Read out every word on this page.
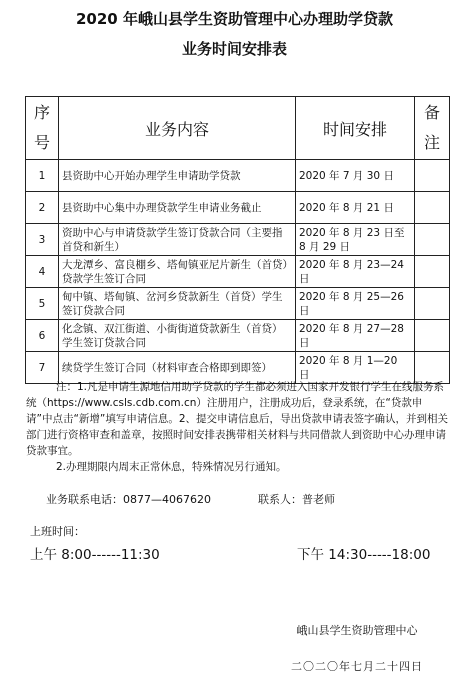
2020 年峨山县学生资助管理中心办理助学贷款
业务时间安排表
序号	业务内容	时间安排	备注
1	县资助中心开始办理学生申请助学贷款	2020 年 7 月 30 日	
2	县资助中心集中办理贷款学生申请业务截止	2020 年 8 月 21 日	
3	资助中心与申请贷款学生签订贷款合同（主要指首贷和新生）	2020 年 8 月 23 日至 8 月 29 日	
4	大龙潭乡、富良棚乡、塔甸镇亚尼片新生（首贷）贷款学生签订合同	2020 年 8 月 23—24 日	
5	甸中镇、塔甸镇、岔河乡贷款新生（首贷）学生签订贷款合同	2020 年 8 月 25—26 日	
6	化念镇、双江街道、小街街道贷款新生（首贷）学生签订贷款合同	2020 年 8 月 27—28 日	
7	续贷学生签订合同（材料审查合格即到即签）	2020 年 8 月 1—20 日	

注：1.凡是申请生源地信用助学贷款的学生都必须进入国家开发银行学生在线服务系统（https://www.csls.cdb.com.cn）注册用户，注册成功后，登录系统，在“贷款申请”中点击“新增”填写申请信息。2、提交申请信息后，导出贷款申请表签字确认，并到相关部门进行资格审查和盖章，按照时间安排表携带相关材料与共同借款人到资助中心办理申请贷款事宜。

2.办理期限内周末正常休息，特殊情况另行通知。

业务联系电话：0877—4067620	联系人：普老师
上班时间：
上午 8:00------11:30	下午 14:30-----18:00
峨山县学生资助管理中心
二〇二〇年七月二十四日
